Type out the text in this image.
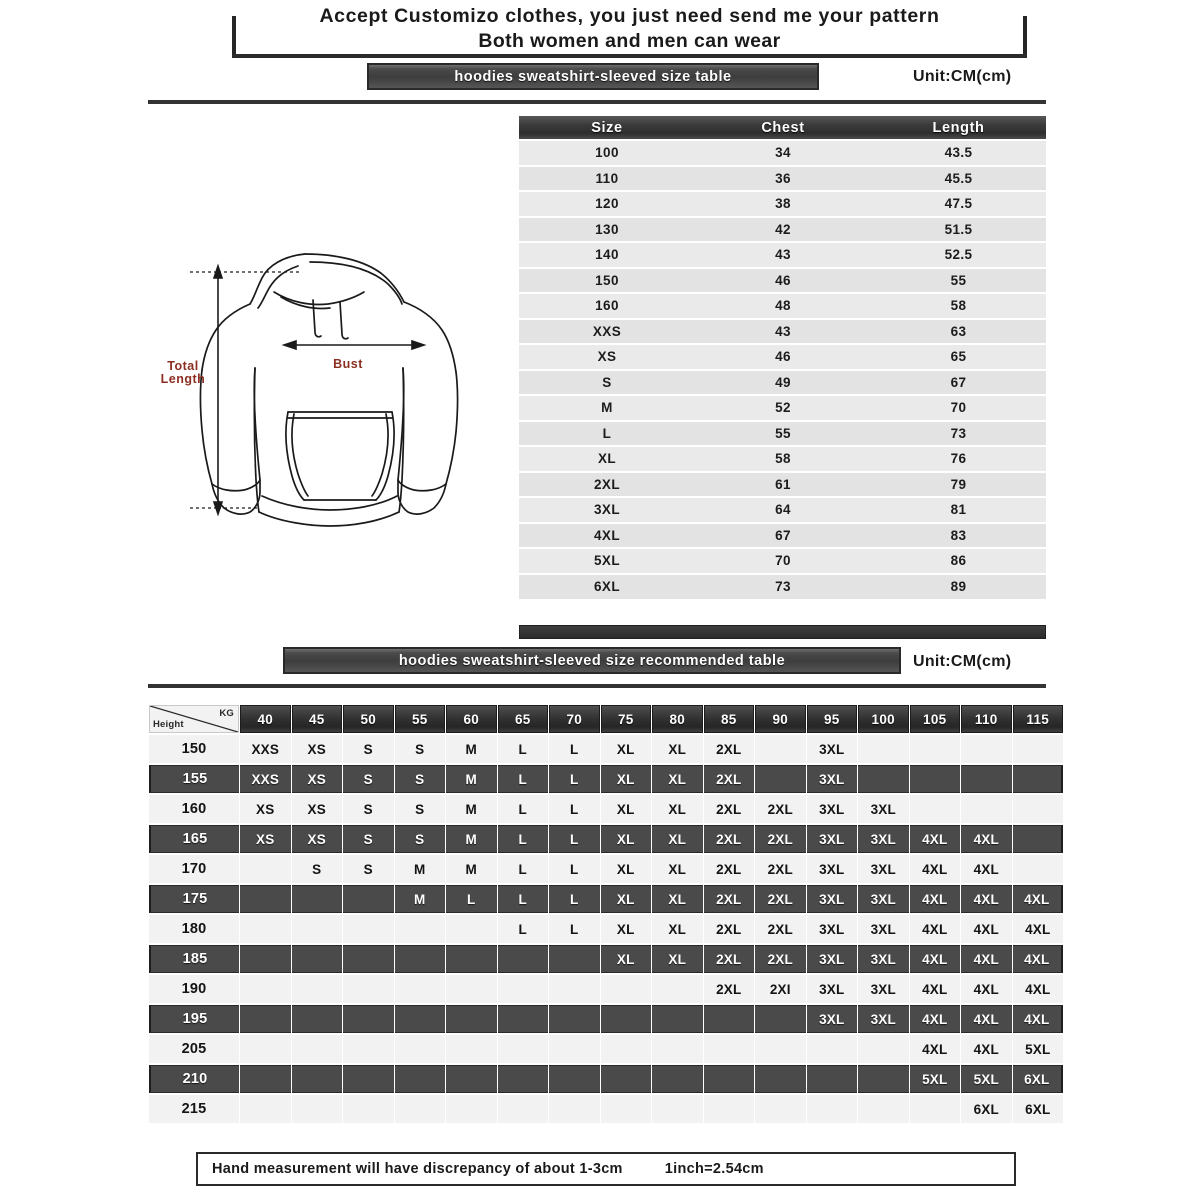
Accept Customizo clothes, you just need send me your pattern
Both women and men can wear
hoodies sweatshirt-sleeved size table	Unit:CM(cm)
Bust
Total
Length
Size	Chest	Length
100	34	43.5
110	36	45.5
120	38	47.5
130	42	51.5
140	43	52.5
150	46	55
160	48	58
XXS	43	63
XS	46	65
S	49	67
M	52	70
L	55	73
XL	58	76
2XL	61	79
3XL	64	81
4XL	67	83
5XL	70	86
6XL	73	89
hoodies sweatshirt-sleeved size recommended table	Unit:CM(cm)
KG
Height	40	45	50	55	60	65	70	75	80	85	90	95	100	105	110	115
150	XXS	XS	S	S	M	L	L	XL	XL	2XL		3XL				
155	XXS	XS	S	S	M	L	L	XL	XL	2XL		3XL				
160	XS	XS	S	S	M	L	L	XL	XL	2XL	2XL	3XL	3XL			
165	XS	XS	S	S	M	L	L	XL	XL	2XL	2XL	3XL	3XL	4XL	4XL	
170		S	S	M	M	L	L	XL	XL	2XL	2XL	3XL	3XL	4XL	4XL	
175				M	L	L	L	XL	XL	2XL	2XL	3XL	3XL	4XL	4XL	4XL
180						L	L	XL	XL	2XL	2XL	3XL	3XL	4XL	4XL	4XL
185								XL	XL	2XL	2XL	3XL	3XL	4XL	4XL	4XL
190										2XL	2XI	3XL	3XL	4XL	4XL	4XL
195												3XL	3XL	4XL	4XL	4XL
205														4XL	4XL	5XL
210														5XL	5XL	6XL
215															6XL	6XL
Hand measurement will have discrepancy of about 1-3cm	1inch=2.54cm
